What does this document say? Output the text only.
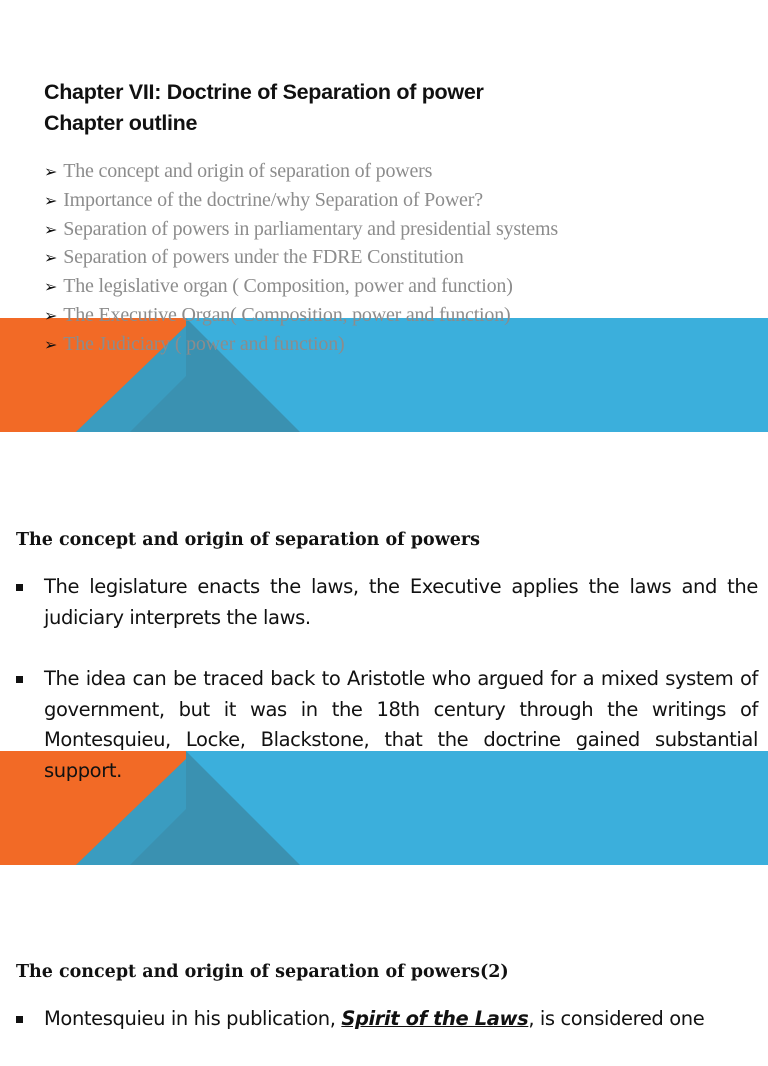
Chapter VII: Doctrine of Separation of power
Chapter outline
➢ The concept and origin of separation of powers
➢ Importance of the doctrine/why Separation of Power?
➢ Separation of powers in parliamentary and presidential systems
➢ Separation of powers under the FDRE Constitution
➢ The legislative organ ( Composition, power and function)
➢ The Executive Organ( Composition, power and function)
➢ The Judiciary ( power and function)
The concept and origin of separation of powers
The legislature enacts the laws, the Executive applies the laws and the judiciary interprets the laws.
The idea can be traced back to Aristotle who argued for a mixed system of government, but it was in the 18th century through the writings of Montesquieu, Locke, Blackstone, that the doctrine gained substantial support.
The concept and origin of separation of powers(2)
Montesquieu in his publication, Spirit of the Laws, is considered one
